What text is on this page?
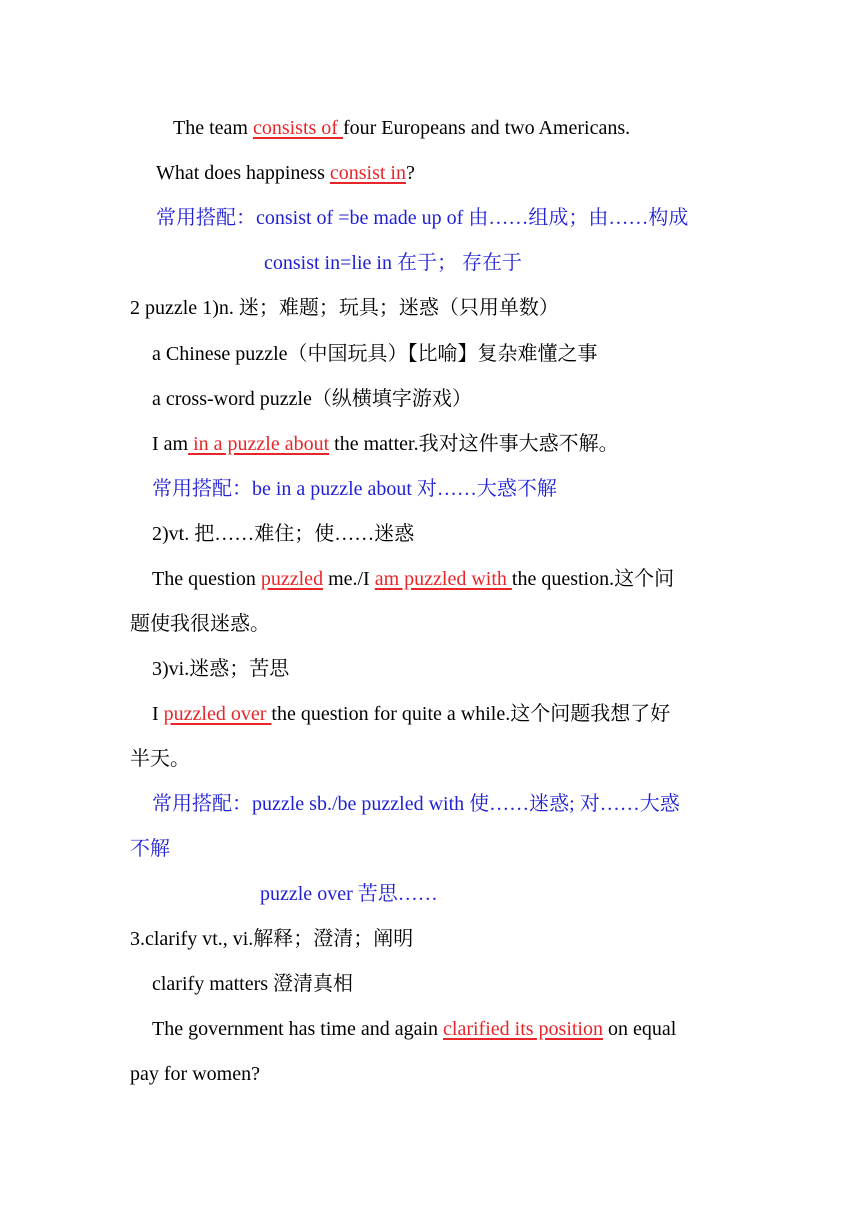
The team consists of four Europeans and two Americans.
What does happiness consist in?
常用搭配：consist of =be made up of 由……组成；由……构成
consist in=lie in 在于； 存在于
2 puzzle 1)n. 迷；难题；玩具；迷惑（只用单数）
a Chinese puzzle（中国玩具）【比喻】复杂难懂之事
a cross-word puzzle（纵横填字游戏）
I am in a puzzle about the matter.我对这件事大惑不解。
常用搭配：be in a puzzle about 对……大惑不解
2)vt. 把……难住；使……迷惑
The question puzzled me./I am puzzled with the question.这个问
题使我很迷惑。
3)vi.迷惑；苦思
I puzzled over the question for quite a while.这个问题我想了好
半天。
常用搭配：puzzle sb./be puzzled with 使……迷惑; 对……大惑
不解
puzzle over 苦思……
3.clarify vt., vi.解释；澄清；阐明
clarify matters 澄清真相
The government has time and again clarified its position on equal
pay for women?
